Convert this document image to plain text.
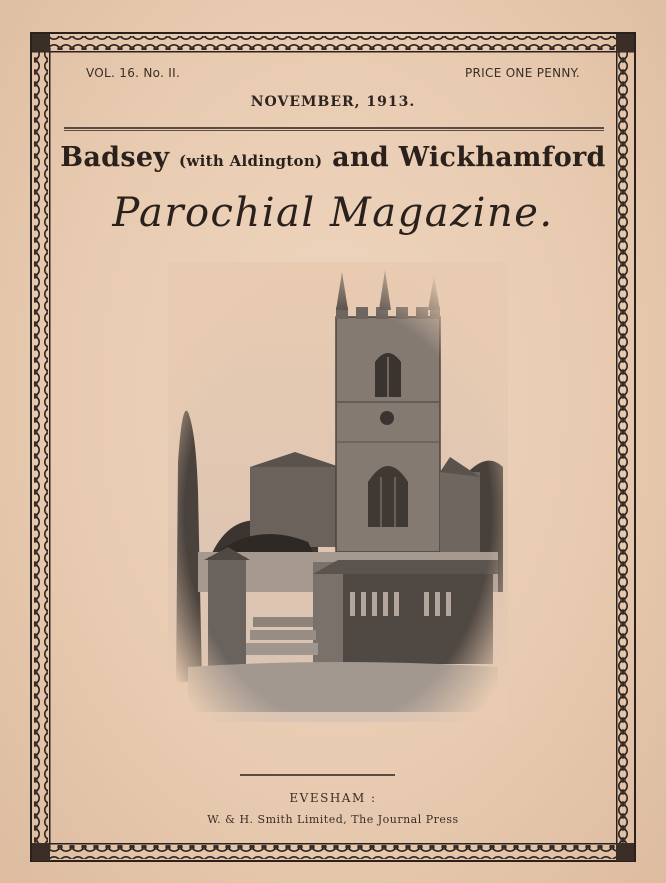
VOL. 16. No. II.	PRICE ONE PENNY.
NOVEMBER, 1913.
Badsey (with Aldington) and Wickhamford
Parochial Magazine.
EVESHAM :
W. & H. Smith Limited, The Journal Press
